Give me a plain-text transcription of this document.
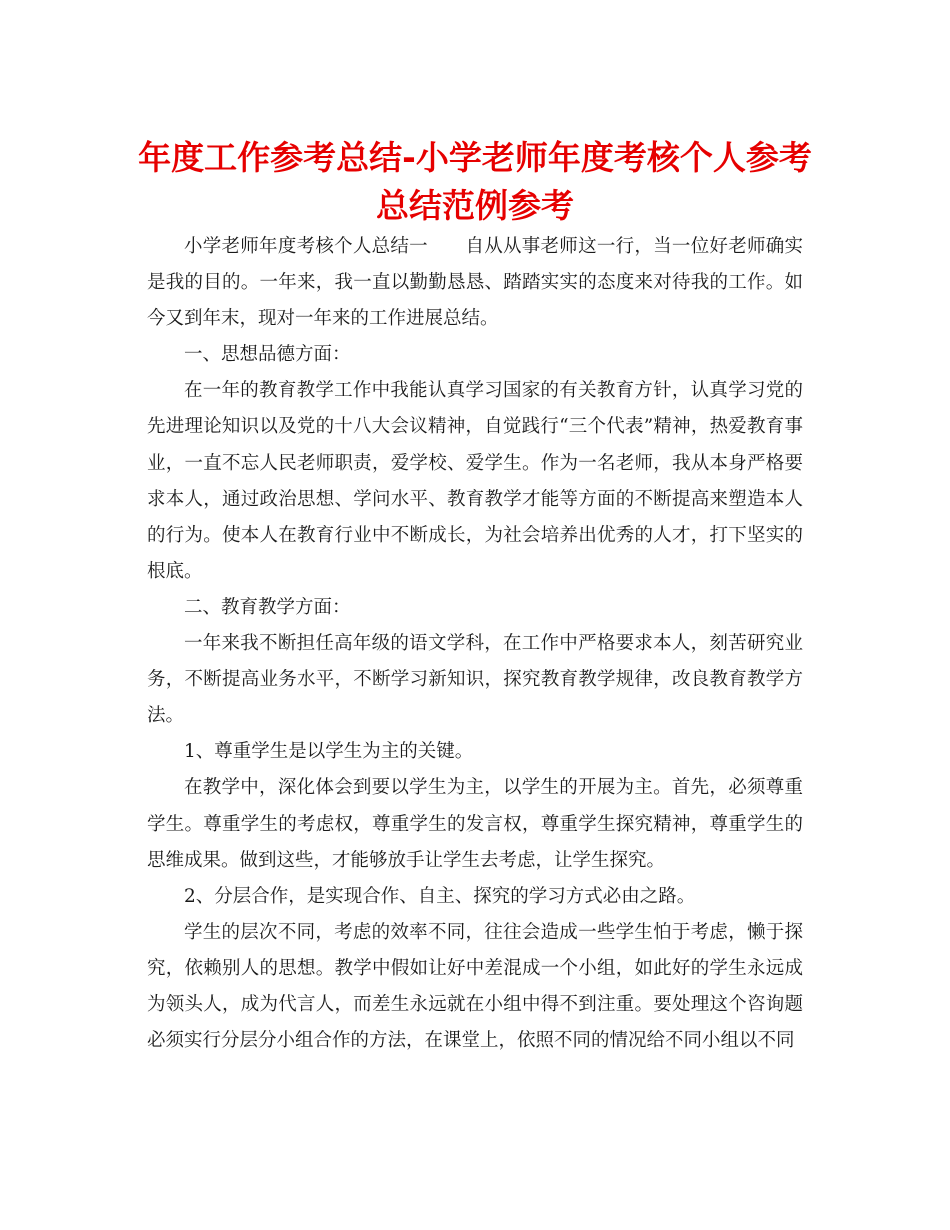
年度工作参考总结-小学老师年度考核个人参考
总结范例参考

小学老师年度考核个人总结一　　自从从事老师这一行，当一位好老师确实是我的目的。一年来，我一直以勤勤恳恳、踏踏实实的态度来对待我的工作。如今又到年末，现对一年来的工作进展总结。

一、思想品德方面：

在一年的教育教学工作中我能认真学习国家的有关教育方针，认真学习党的先进理论知识以及党的十八大会议精神，自觉践行“三个代表”精神，热爱教育事业，一直不忘人民老师职责，爱学校、爱学生。作为一名老师，我从本身严格要求本人，通过政治思想、学问水平、教育教学才能等方面的不断提高来塑造本人的行为。使本人在教育行业中不断成长，为社会培养出优秀的人才，打下坚实的根底。

二、教育教学方面：

一年来我不断担任高年级的语文学科，在工作中严格要求本人，刻苦研究业务，不断提高业务水平，不断学习新知识，探究教育教学规律，改良教育教学方法。

1、尊重学生是以学生为主的关键。

在教学中，深化体会到要以学生为主，以学生的开展为主。首先，必须尊重学生。尊重学生的考虑权，尊重学生的发言权，尊重学生探究精神，尊重学生的思维成果。做到这些，才能够放手让学生去考虑，让学生探究。

2、分层合作，是实现合作、自主、探究的学习方式必由之路。

学生的层次不同，考虑的效率不同，往往会造成一些学生怕于考虑，懒于探究，依赖别人的思想。教学中假如让好中差混成一个小组，如此好的学生永远成为领头人，成为代言人，而差生永远就在小组中得不到注重。要处理这个咨询题必须实行分层分小组合作的方法，在课堂上，依照不同的情况给不同小组以不同
